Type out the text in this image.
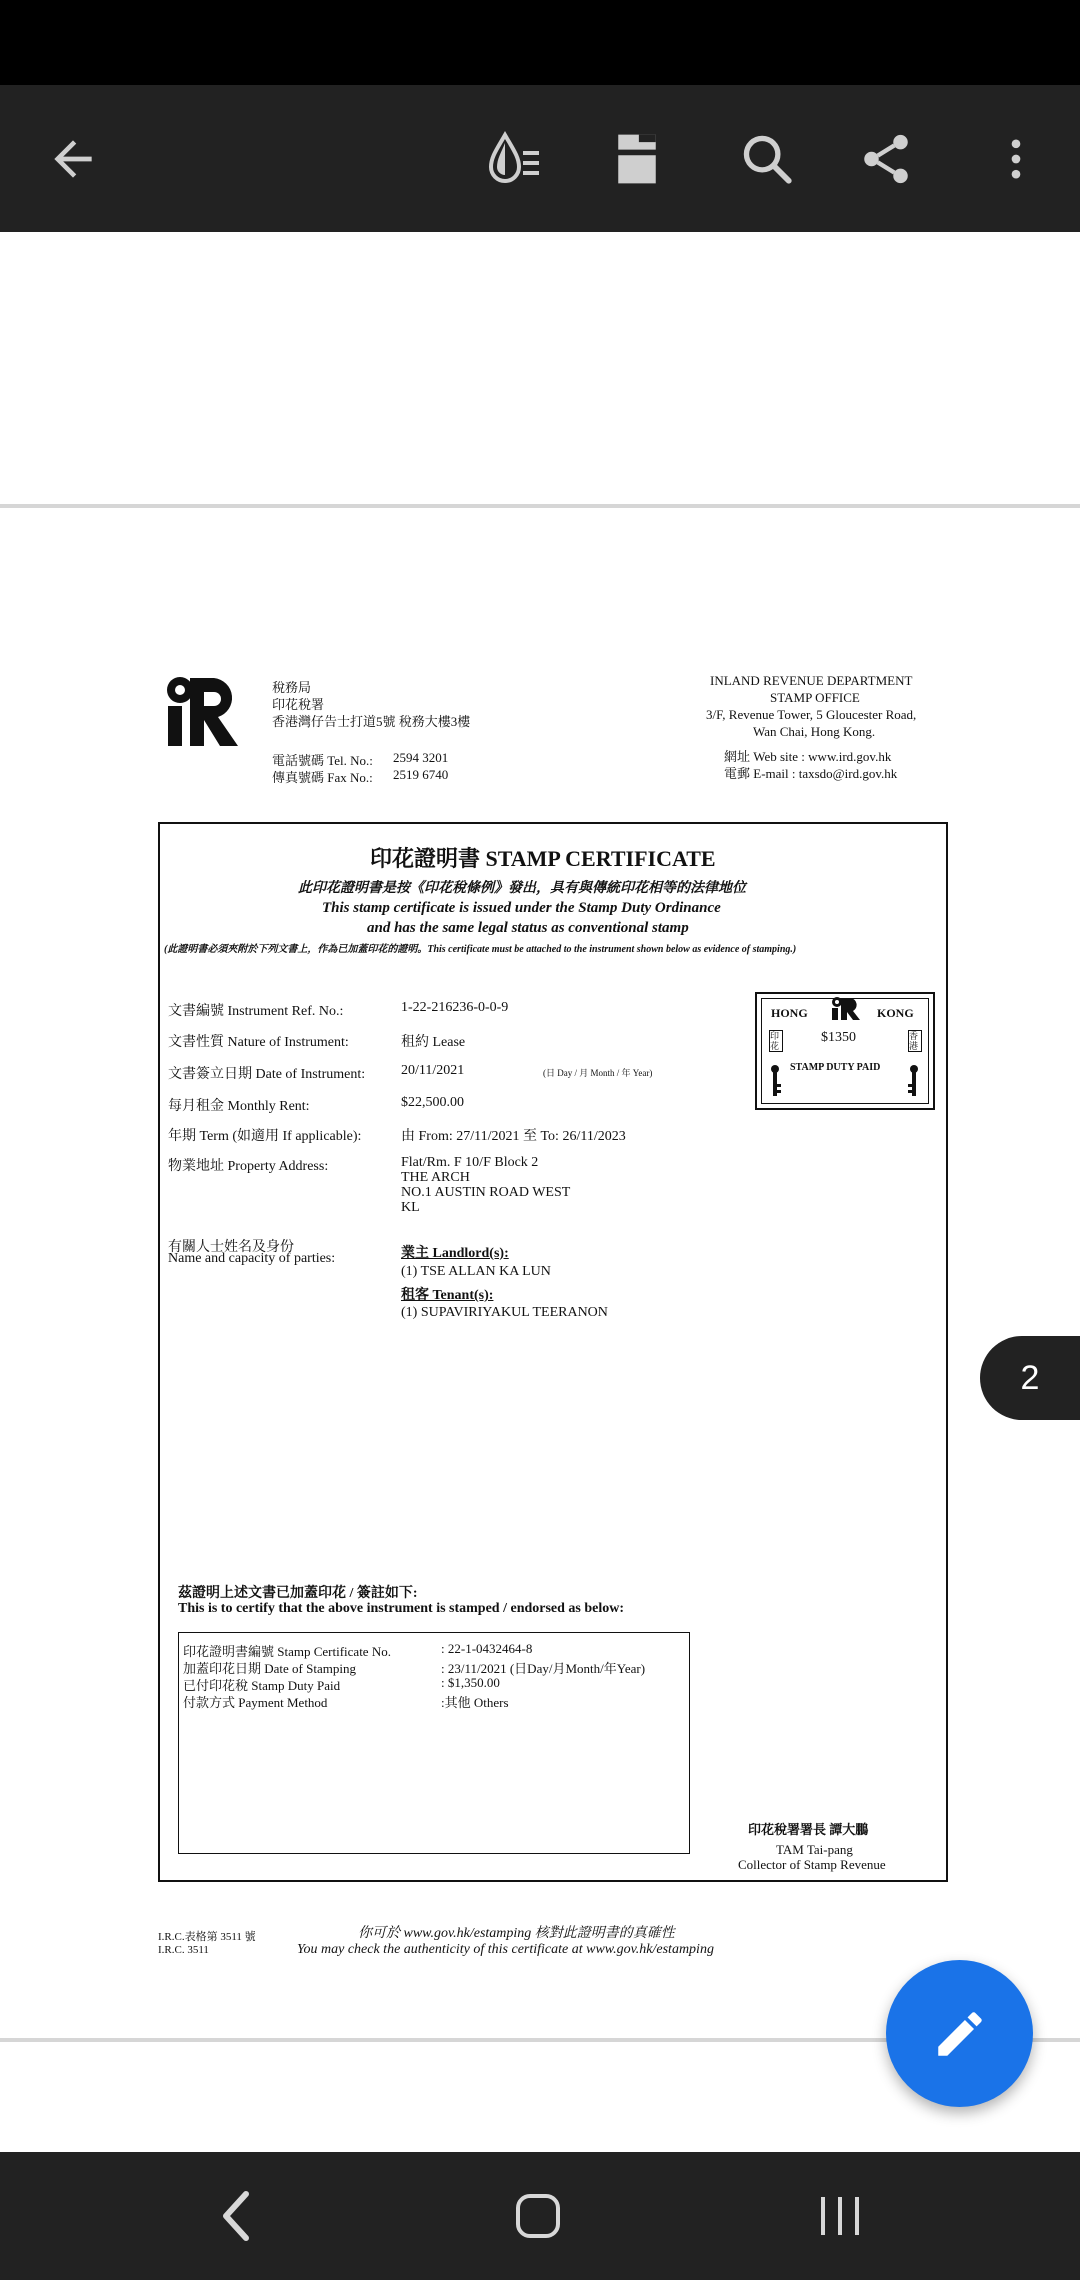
稅務局
印花稅署
香港灣仔告士打道5號 稅務大樓3樓
電話號碼 Tel. No.: 2594 3201
傳真號碼 Fax No.: 2519 6740
INLAND REVENUE DEPARTMENT
STAMP OFFICE
3/F, Revenue Tower, 5 Gloucester Road,
Wan Chai, Hong Kong.
網址 Web site : www.ird.gov.hk
電郵 E-mail : taxsdo@ird.gov.hk
印花證明書 STAMP CERTIFICATE
此印花證明書是按《印花稅條例》發出，具有與傳統印花相等的法律地位
This stamp certificate is issued under the Stamp Duty Ordinance
and has the same legal status as conventional stamp
(此證明書必須夾附於下列文書上，作為已加蓋印花的證明。This certificate must be attached to the instrument shown below as evidence of stamping.)
文書編號 Instrument Ref. No.:	1-22-216236-0-0-9
文書性質 Nature of Instrument:	租約 Lease
文書簽立日期 Date of Instrument:	20/11/2021	(日 Day / 月 Month / 年 Year)
每月租金 Monthly Rent:	$22,500.00
年期 Term (如適用 If applicable):	由 From: 27/11/2021 至 To: 26/11/2023
物業地址 Property Address:	Flat/Rm. F 10/F Block 2
THE ARCH
NO.1 AUSTIN ROAD WEST
KL
有關人士姓名及身份
Name and capacity of parties:	業主 Landlord(s):
(1) TSE ALLAN KA LUN
租客 Tenant(s):
(1) SUPAVIRIYAKUL TEERANON
HONG	KONG
$1350
STAMP DUTY PAID
印花
香港
茲證明上述文書已加蓋印花 / 簽註如下:
This is to certify that the above instrument is stamped / endorsed as below:
印花證明書編號 Stamp Certificate No.	: 22-1-0432464-8
加蓋印花日期 Date of Stamping	: 23/11/2021 (日Day/月Month/年Year)
已付印花稅 Stamp Duty Paid	: $1,350.00
付款方式 Payment Method	:其他 Others
印花稅署署長 譚大鵬
TAM Tai-pang
Collector of Stamp Revenue
I.R.C.表格第 3511 號
I.R.C. 3511
你可於 www.gov.hk/estamping 核對此證明書的真確性
You may check the authenticity of this certificate at www.gov.hk/estamping
2
